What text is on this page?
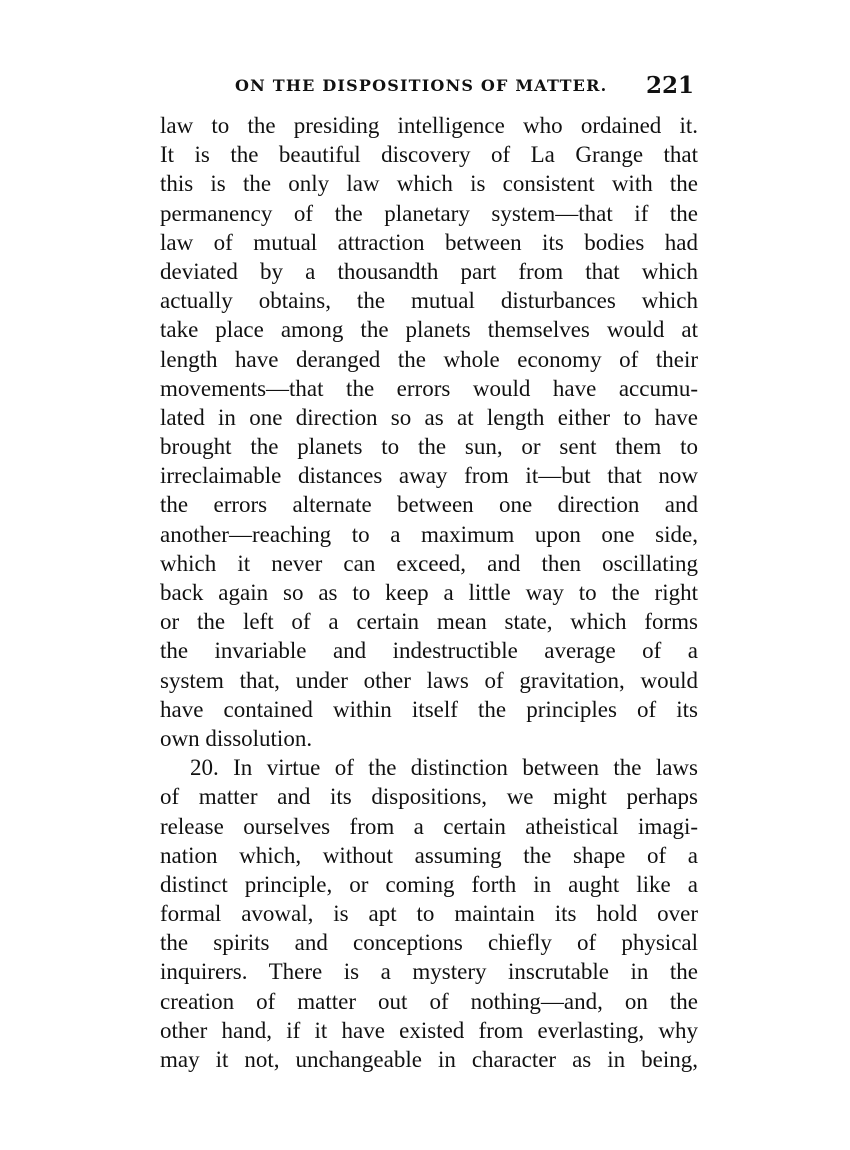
ON THE DISPOSITIONS OF MATTER. 221
law to the presiding intelligence who ordained it.
It is the beautiful discovery of La Grange that
this is the only law which is consistent with the
permanency of the planetary system—that if the
law of mutual attraction between its bodies had
deviated by a thousandth part from that which
actually obtains, the mutual disturbances which
take place among the planets themselves would at
length have deranged the whole economy of their
movements—that the errors would have accumu-
lated in one direction so as at length either to have
brought the planets to the sun, or sent them to
irreclaimable distances away from it—but that now
the errors alternate between one direction and
another—reaching to a maximum upon one side,
which it never can exceed, and then oscillating
back again so as to keep a little way to the right
or the left of a certain mean state, which forms
the invariable and indestructible average of a
system that, under other laws of gravitation, would
have contained within itself the principles of its
own dissolution.
20. In virtue of the distinction between the laws
of matter and its dispositions, we might perhaps
release ourselves from a certain atheistical imagi-
nation which, without assuming the shape of a
distinct principle, or coming forth in aught like a
formal avowal, is apt to maintain its hold over
the spirits and conceptions chiefly of physical
inquirers. There is a mystery inscrutable in the
creation of matter out of nothing—and, on the
other hand, if it have existed from everlasting, why
may it not, unchangeable in character as in being,
